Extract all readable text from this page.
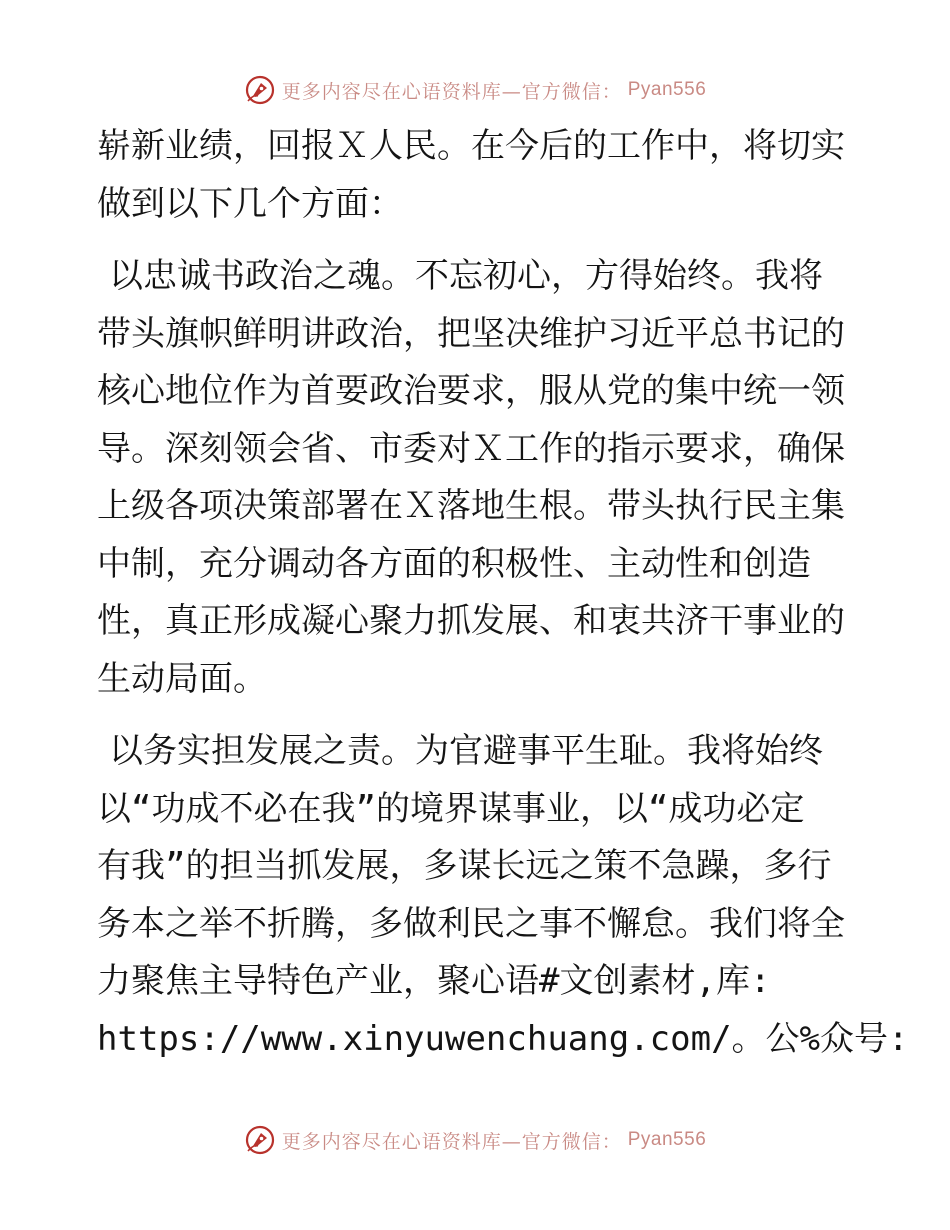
更多内容尽在心语资料库—官方微信： Pyan556

崭新业绩，回报Ｘ人民。在今后的工作中，将切实
做到以下几个方面：

以忠诚书政治之魂。不忘初心，方得始终。我将
带头旗帜鲜明讲政治，把坚决维护习近平总书记的
核心地位作为首要政治要求，服从党的集中统一领
导。深刻领会省、市委对Ｘ工作的指示要求，确保
上级各项决策部署在Ｘ落地生根。带头执行民主集
中制，充分调动各方面的积极性、主动性和创造
性，真正形成凝心聚力抓发展、和衷共济干事业的
生动局面。

以务实担发展之责。为官避事平生耻。我将始终
以“功成不必在我”的境界谋事业，以“成功必定
有我”的担当抓发展，多谋长远之策不急躁，多行
务本之举不折腾，多做利民之事不懈怠。我们将全
力聚焦主导特色产业，聚心语#文创素材,库:
https://www.xinyuwenchuang.com/。公%众号:

更多内容尽在心语资料库—官方微信： Pyan556
